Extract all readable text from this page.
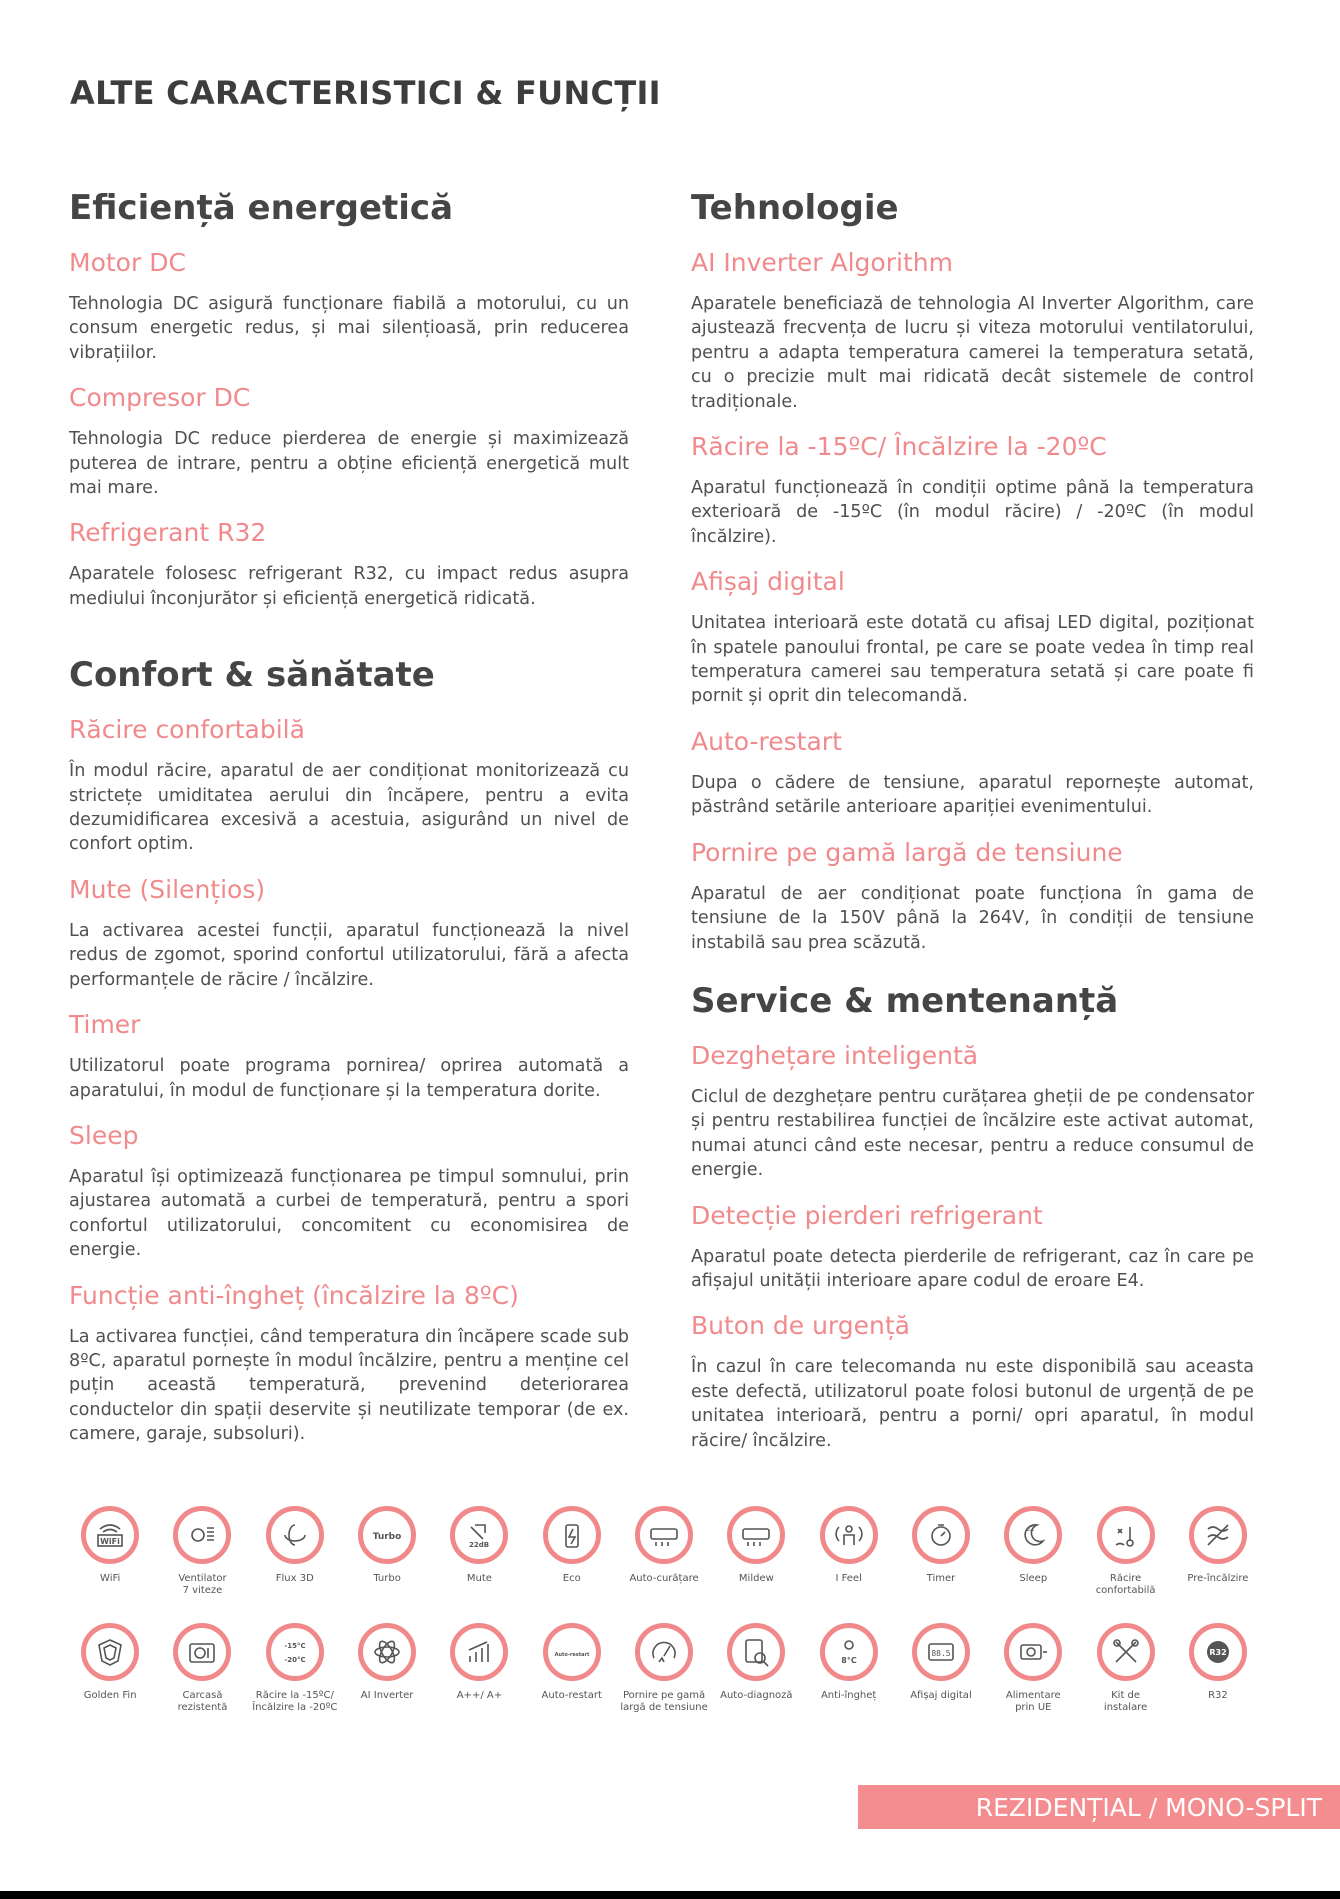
ALTE CARACTERISTICI & FUNCȚII
Eficiență energetică
Motor DC

Tehnologia DC asigură funcționare fiabilă a motorului, cu un consum energetic redus, și mai silențioasă, prin reducerea vibrațiilor.

Compresor DC

Tehnologia DC reduce pierderea de energie și maximizează puterea de intrare, pentru a obține eficiență energetică mult mai mare.

Refrigerant R32

Aparatele folosesc refrigerant R32, cu impact redus asupra mediului înconjurător și eficiență energetică ridicată.

Confort & sănătate
Răcire confortabilă

În modul răcire, aparatul de aer condiționat monitorizează cu strictețe umiditatea aerului din încăpere, pentru a evita dezumidificarea excesivă a acestuia, asigurând un nivel de confort optim.

Mute (Silențios)

La activarea acestei funcții, aparatul funcționează la nivel redus de zgomot, sporind confortul utilizatorului, fără a afecta performanțele de răcire / încălzire.

Timer

Utilizatorul poate programa pornirea/ oprirea automată a aparatului, în modul de funcționare și la temperatura dorite.

Sleep

Aparatul își optimizează funcționarea pe timpul somnului, prin ajustarea automată a curbei de temperatură, pentru a spori confortul utilizatorului, concomitent cu economisirea de energie.

Funcție anti-îngheț (încălzire la 8ºC)

La activarea funcției, când temperatura din încăpere scade sub 8ºC, aparatul pornește în modul încălzire, pentru a menține cel puțin această temperatură, prevenind deteriorarea conductelor din spații deservite și neutilizate temporar (de ex. camere, garaje, subsoluri).

Tehnologie
AI Inverter Algorithm

Aparatele beneficiază de tehnologia AI Inverter Algorithm, care ajustează frecvența de lucru și viteza motorului ventilatorului, pentru a adapta temperatura camerei la temperatura setată, cu o precizie mult mai ridicată decât sistemele de control tradiționale.

Răcire la -15ºC/ Încălzire la -20ºC

Aparatul funcționează în condiții optime până la temperatura exterioară de -15ºC (în modul răcire) / -20ºC (în modul încălzire).

Afișaj digital

Unitatea interioară este dotată cu afisaj LED digital, poziționat în spatele panoului frontal, pe care se poate vedea în timp real temperatura camerei sau temperatura setată și care poate fi pornit și oprit din telecomandă.

Auto-restart

Dupa o cădere de tensiune, aparatul repornește automat, păstrând setările anterioare apariției evenimentului.

Pornire pe gamă largă de tensiune

Aparatul de aer condiționat poate funcționa în gama de tensiune de la 150V până la 264V, în condiții de tensiune instabilă sau prea scăzută.

Service & mentenanță
Dezghețare inteligentă

Ciclul de dezghețare pentru curățarea gheții de pe condensator și pentru restabilirea funcției de încălzire este activat automat, numai atunci când este necesar, pentru a reduce consumul de energie.

Detecție pierderi refrigerant

Aparatul poate detecta pierderile de refrigerant, caz în care pe afișajul unității interioare apare codul de eroare E4.

Buton de urgență

În cazul în care telecomanda nu este disponibilă sau aceasta este defectă, utilizatorul poate folosi butonul de urgență de pe unitatea interioară, pentru a porni/ opri aparatul, în modul răcire/ încălzire.

WiFi
WiFi	Ventilator
7 viteze
Flux 3D
Turbo
Turbo
22dB
Mute	Eco	Auto-curățare	Mildew	I Feel	Timer
zZ
Sleep	Răcire
confortabilă
Pre-încălzire
Golden Fin	Carcasă
rezistentă
-15°C
-20°C
Răcire la -15ºC/
Încălzire la -20ºC
AI Inverter	A++/ A+
Auto-restart
Auto-restart Pornire pe gamă
largă de tensiune
Auto-diagnoză
8°C
Anti-îngheț
88.5
Afișaj digital	Alimentare
prin UE
Kit de
instalare
R32
R32
REZIDENȚIAL / MONO-SPLIT
